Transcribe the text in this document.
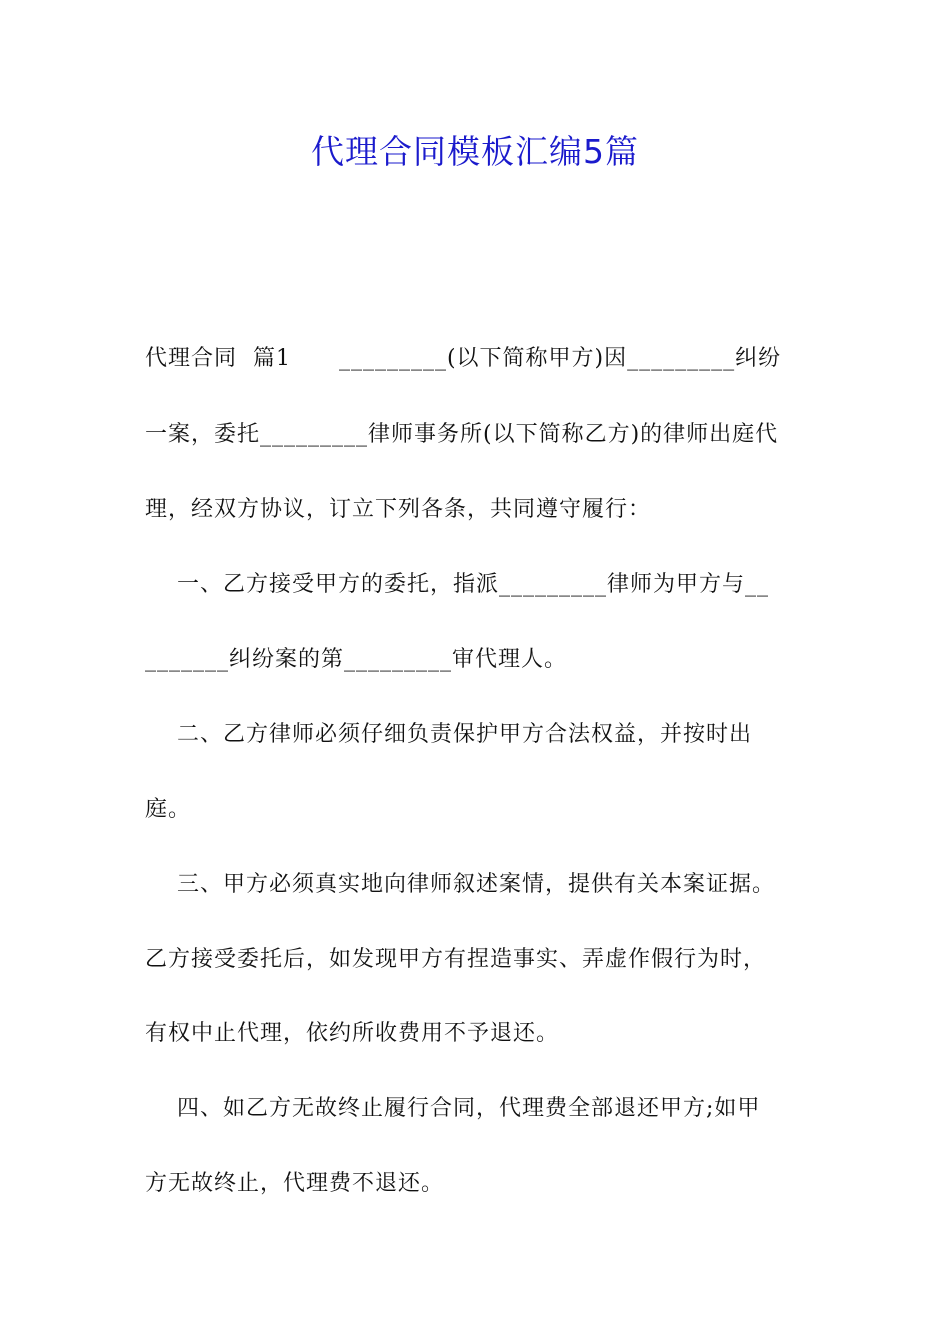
代理合同模板汇编5篇
代理合同  篇1      _________(以下简称甲方)因_________纠纷
一案，委托_________律师事务所(以下简称乙方)的律师出庭代
理，经双方协议，订立下列各条，共同遵守履行：
一、乙方接受甲方的委托，指派_________律师为甲方与__
_______纠纷案的第_________审代理人。
二、乙方律师必须仔细负责保护甲方合法权益，并按时出
庭。
三、甲方必须真实地向律师叙述案情，提供有关本案证据。
乙方接受委托后，如发现甲方有捏造事实、弄虚作假行为时，
有权中止代理，依约所收费用不予退还。
四、如乙方无故终止履行合同，代理费全部退还甲方;如甲
方无故终止，代理费不退还。
